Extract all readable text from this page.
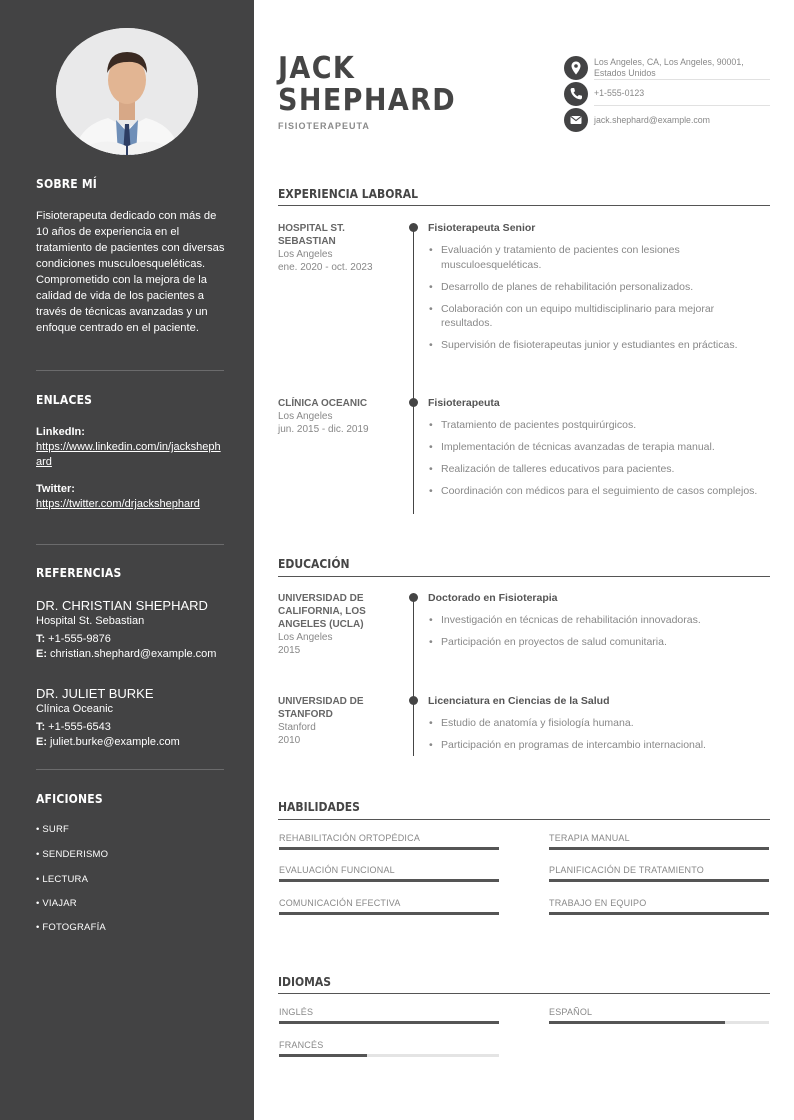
SOBRE MÍ
Fisioterapeuta dedicado con más de 10 años de experiencia en el tratamiento de pacientes con diversas condiciones musculoesqueléticas. Comprometido con la mejora de la calidad de vida de los pacientes a través de técnicas avanzadas y un enfoque centrado en el paciente.
ENLACES
LinkedIn:
https://www.linkedin.com/in/jackshephard
Twitter:
https://twitter.com/drjackshephard
REFERENCIAS
DR. CHRISTIAN SHEPHARD
Hospital St. Sebastian
T: +1-555-9876
E: christian.shephard@example.com
DR. JULIET BURKE
Clínica Oceanic
T: +1-555-6543
E: juliet.burke@example.com
AFICIONES
• SURF
• SENDERISMO
• LECTURA
• VIAJAR
• FOTOGRAFÍA
JACK
SHEPHARD
FISIOTERAPEUTA
Los Angeles, CA, Los Angeles, 90001,
Estados Unidos
+1-555-0123
jack.shephard@example.com
EXPERIENCIA LABORAL
HOSPITAL ST. SEBASTIAN
Los Angeles
ene. 2020 - oct. 2023
Fisioterapeuta Senior
• Evaluación y tratamiento de pacientes con lesiones musculoesqueléticas.
• Desarrollo de planes de rehabilitación personalizados.
• Colaboración con un equipo multidisciplinario para mejorar resultados.
• Supervisión de fisioterapeutas junior y estudiantes en prácticas.
CLÍNICA OCEANIC
Los Angeles
jun. 2015 - dic. 2019
Fisioterapeuta
• Tratamiento de pacientes postquirúrgicos.
• Implementación de técnicas avanzadas de terapia manual.
• Realización de talleres educativos para pacientes.
• Coordinación con médicos para el seguimiento de casos complejos.
EDUCACIÓN
UNIVERSIDAD DE CALIFORNIA, LOS ANGELES (UCLA)
Los Angeles
2015
Doctorado en Fisioterapia
• Investigación en técnicas de rehabilitación innovadoras.
• Participación en proyectos de salud comunitaria.
UNIVERSIDAD DE STANFORD
Stanford
2010
Licenciatura en Ciencias de la Salud
• Estudio de anatomía y fisiología humana.
• Participación en programas de intercambio internacional.
HABILIDADES
REHABILITACIÓN ORTOPÉDICA	TERAPIA MANUAL
EVALUACIÓN FUNCIONAL	PLANIFICACIÓN DE TRATAMIENTO
COMUNICACIÓN EFECTIVA	TRABAJO EN EQUIPO
IDIOMAS
INGLÉS	ESPAÑOL
FRANCÉS
